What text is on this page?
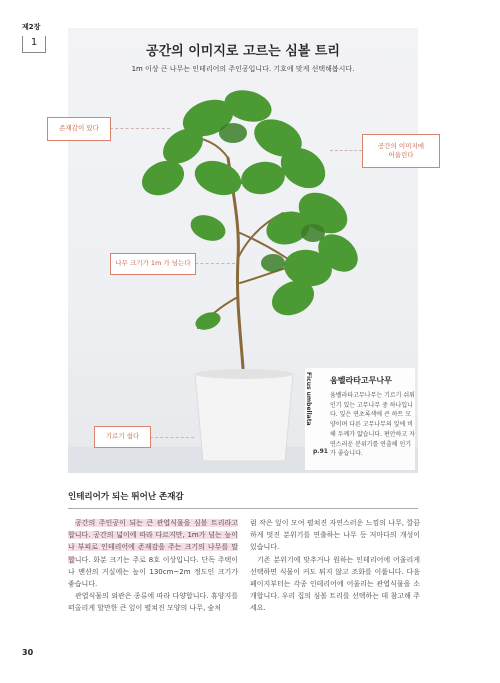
제2장
1
공간의 이미지로 고르는 심볼 트리
1m 이상 큰 나무는 인테리어의 주인공입니다. 기호에 맞게 선택해봅시다.
존재감이 있다
공간의 이미지에
어울린다
나무 크기가 1m 가 넘는다
기르기 쉽다
Ficus umbellata 움벨라타고무나무
움벨라타고무나무는 기르기 쉬워 인기 있는 고무나무 중 하나입니다. 잎은 연초록색에 큰 하트 모양이며 다른 고무나무의 잎에 비해 두께가 얇습니다. 편안하고 자연스러운 분위기를 연출해 인기가 좋습니다.
p.91
인테리어가 되는 뛰어난 존재감

공간의 주인공이 되는 큰 관엽식물을 심볼 트리라고 합니다. 공간의 넓이에 따라 다르지만, 1m가 넘는 높이나 부피로 인테리어에 존재감을 주는 크기의 나무를 말합니다. 화분 크기는 주로 8호 이상입니다. 단독 주택이나 맨션의 거실에는 높이 130cm~2m 정도인 크기가 좋습니다.

관엽식물의 외관은 종류에 따라 다양합니다. 휴양지를 떠올리게 할만한 큰 잎이 펼쳐진 모양의 나무, 숲처

럼 작은 잎이 모여 펼쳐진 자연스러운 느낌의 나무, 깔끔하게 멋진 분위기를 연출하는 나무 등 저마다의 개성이 있습니다.

기존 분위기에 맞추거나 원하는 인테리어에 어울리게 선택하면 식물이 커도 튀지 않고 조화를 이룹니다. 다음 페이지부터는 각종 인테리어에 어울리는 관엽식물을 소개합니다. 우리 집의 심볼 트리를 선택하는 데 참고해 주세요.

30
